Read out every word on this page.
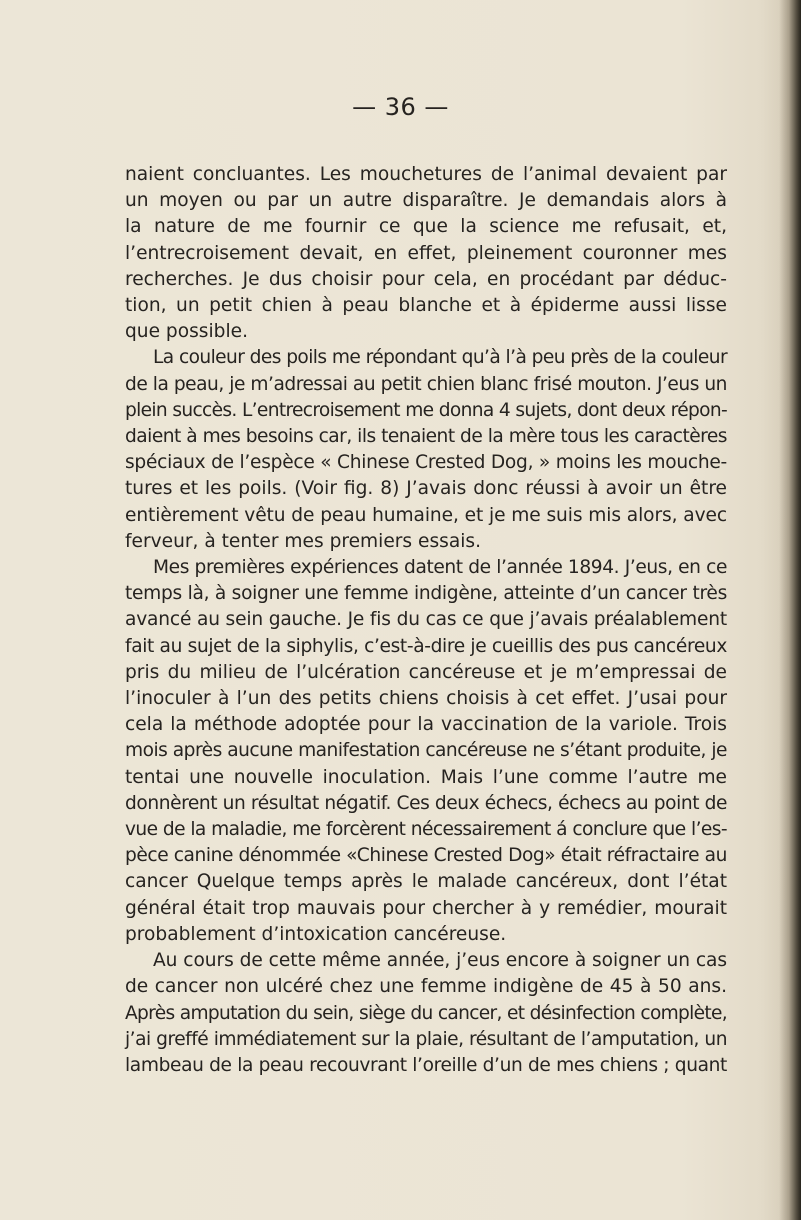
— 36 —

naient concluantes. Les mouchetures de l’animal devaient par
un moyen ou par un autre disparaître. Je demandais alors à
la nature de me fournir ce que la science me refusait, et,
l’entrecroisement devait, en effet, pleinement couronner mes
recherches. Je dus choisir pour cela, en procédant par déduc-
tion, un petit chien à peau blanche et à épiderme aussi lisse
que possible.

La couleur des poils me répondant qu’à l’à peu près de la couleur
de la peau, je m’adressai au petit chien blanc frisé mouton. J’eus un
plein succès. L’entrecroisement me donna 4 sujets, dont deux répon-
daient à mes besoins car, ils tenaient de la mère tous les caractères
spéciaux de l’espèce « Chinese Crested Dog, » moins les mouche-
tures et les poils. (Voir fig. 8) J’avais donc réussi à avoir un être
entièrement vêtu de peau humaine, et je me suis mis alors, avec
ferveur, à tenter mes premiers essais.

Mes premières expériences datent de l’année 1894. J’eus, en ce
temps là, à soigner une femme indigène, atteinte d’un cancer très
avancé au sein gauche. Je fis du cas ce que j’avais préalablement
fait au sujet de la siphylis, c’est-à-dire je cueillis des pus cancéreux
pris du milieu de l’ulcération cancéreuse et je m’empressai de
l’inoculer à l’un des petits chiens choisis à cet effet. J’usai pour
cela la méthode adoptée pour la vaccination de la variole. Trois
mois après aucune manifestation cancéreuse ne s’étant produite, je
tentai une nouvelle inoculation. Mais l’une comme l’autre me
donnèrent un résultat négatif. Ces deux échecs, échecs au point de
vue de la maladie, me forcèrent nécessairement á conclure que l’es-
pèce canine dénommée «Chinese Crested Dog» était réfractaire au
cancer Quelque temps après le malade cancéreux, dont l’état
général était trop mauvais pour chercher à y remédier, mourait
probablement d’intoxication cancéreuse.

Au cours de cette même année, j’eus encore à soigner un cas
de cancer non ulcéré chez une femme indigène de 45 à 50 ans.
Après amputation du sein, siège du cancer, et désinfection complète,
j’ai greffé immédiatement sur la plaie, résultant de l’amputation, un
lambeau de la peau recouvrant l’oreille d’un de mes chiens ; quant
